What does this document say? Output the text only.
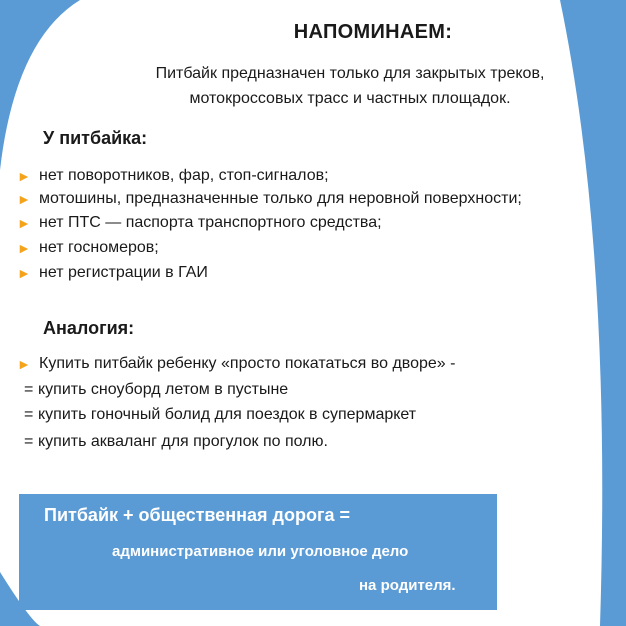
НАПОМИНАЕМ:
Питбайк предназначен только для закрытых треков,
мотокроссовых трасс и частных площадок.
У питбайка:
► нет поворотников, фар, стоп-сигналов;
► мотошины, предназначенные только для неровной поверхности;
► нет ПТС — паспорта транспортного средства;
► нет госномеров;
► нет регистрации в ГАИ
Аналогия:
► Купить питбайк ребенку «просто покататься во дворе» -
= купить сноуборд летом в пустыне
= купить гоночный болид для поездок в супермаркет
= купить акваланг для прогулок по полю.
Питбайк + общественная дорога =
административное или уголовное дело
на родителя.
